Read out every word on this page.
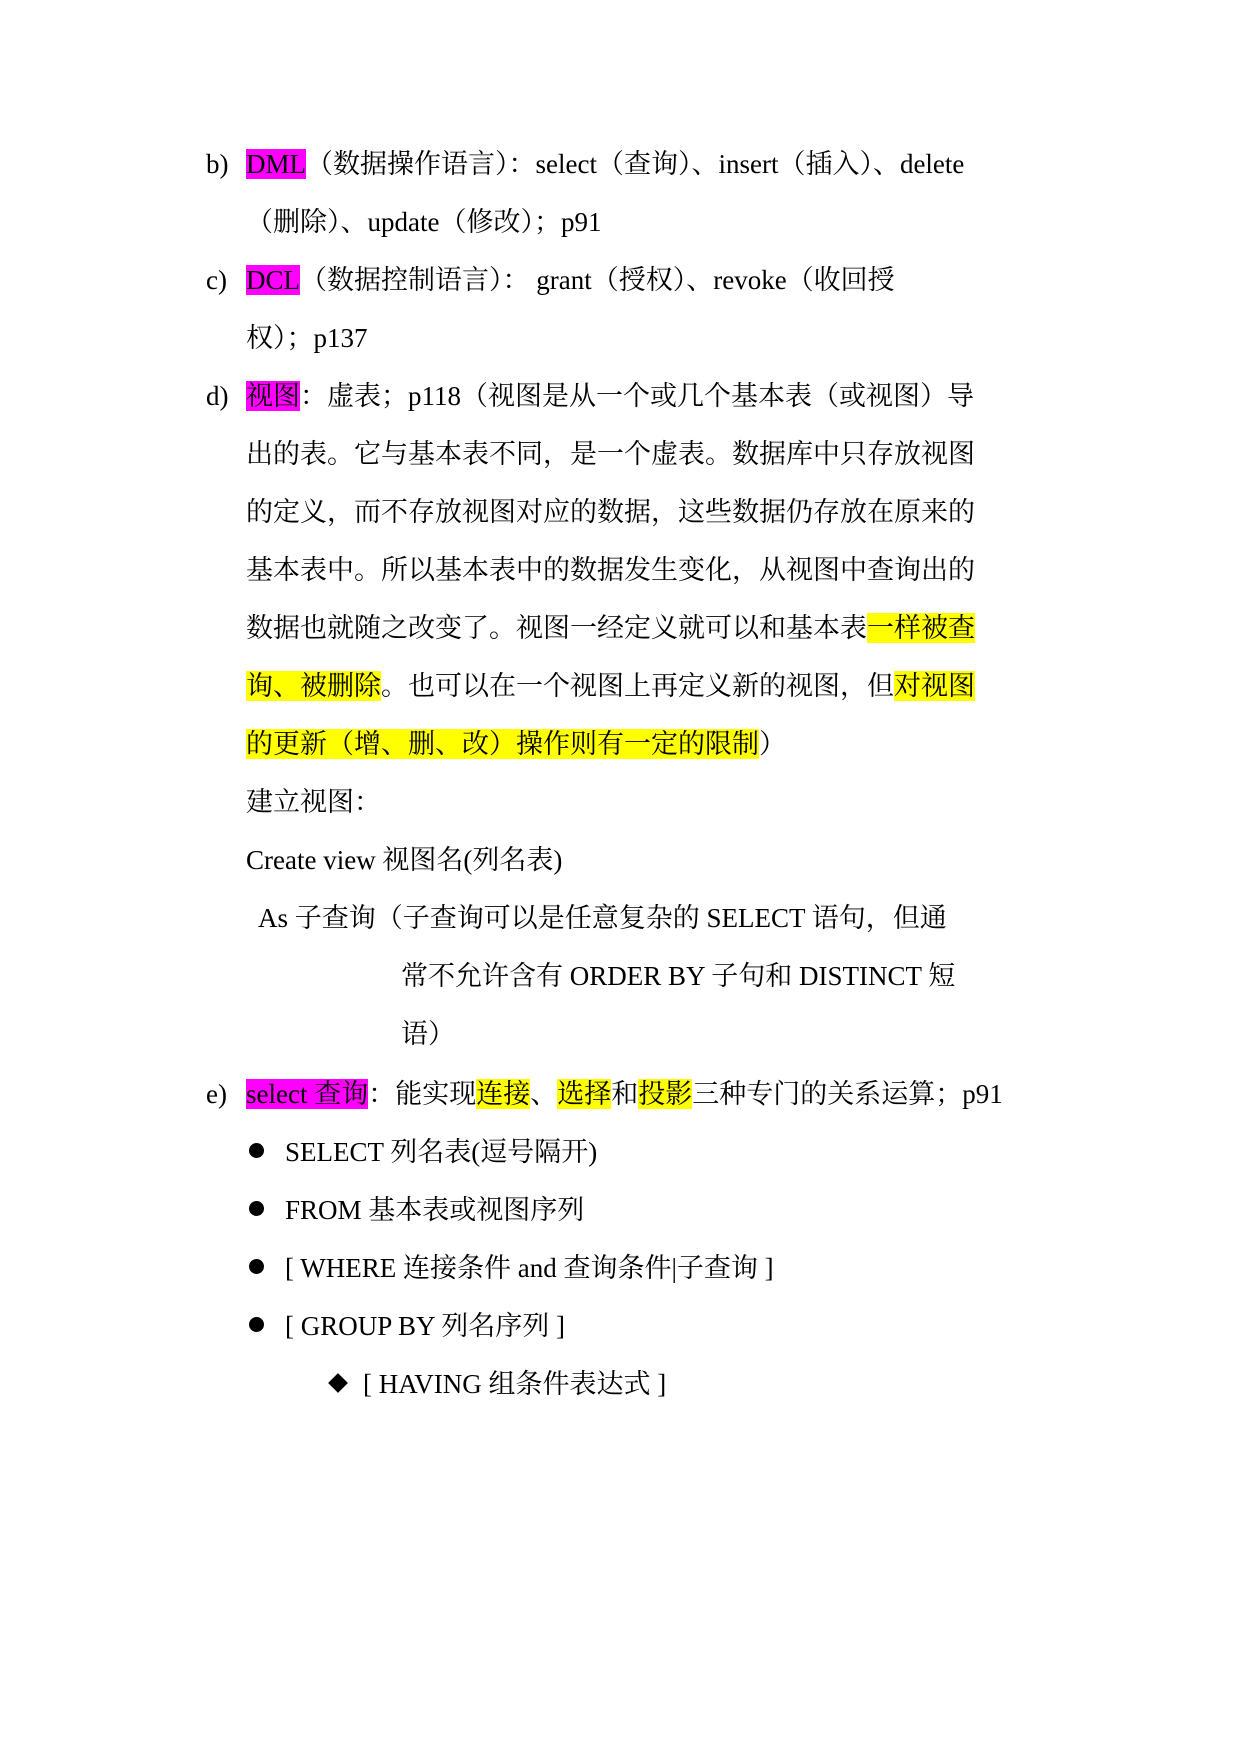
b) DML（数据操作语言）：select（查询）、insert（插入）、delete
（删除）、update（修改）；p91
c) DCL（数据控制语言）： grant（授权）、revoke（收回授
权）；p137
d) 视图：虚表；p118（视图是从一个或几个基本表（或视图）导
出的表。它与基本表不同，是一个虚表。数据库中只存放视图
的定义，而不存放视图对应的数据，这些数据仍存放在原来的
基本表中。所以基本表中的数据发生变化，从视图中查询出的
数据也就随之改变了。视图一经定义就可以和基本表一样被查
询、被删除。也可以在一个视图上再定义新的视图，但对视图
的更新（增、删、改）操作则有一定的限制）
建立视图：
Create view 视图名(列名表)
As 子查询（子查询可以是任意复杂的 SELECT 语句，但通
常不允许含有 ORDER BY 子句和 DISTINCT 短
语）
e) select 查询：能实现连接、选择和投影三种专门的关系运算；p91
SELECT 列名表(逗号隔开)
FROM 基本表或视图序列
[ WHERE 连接条件 and 查询条件|子查询 ]
[ GROUP BY 列名序列 ]
[ HAVING 组条件表达式 ]
